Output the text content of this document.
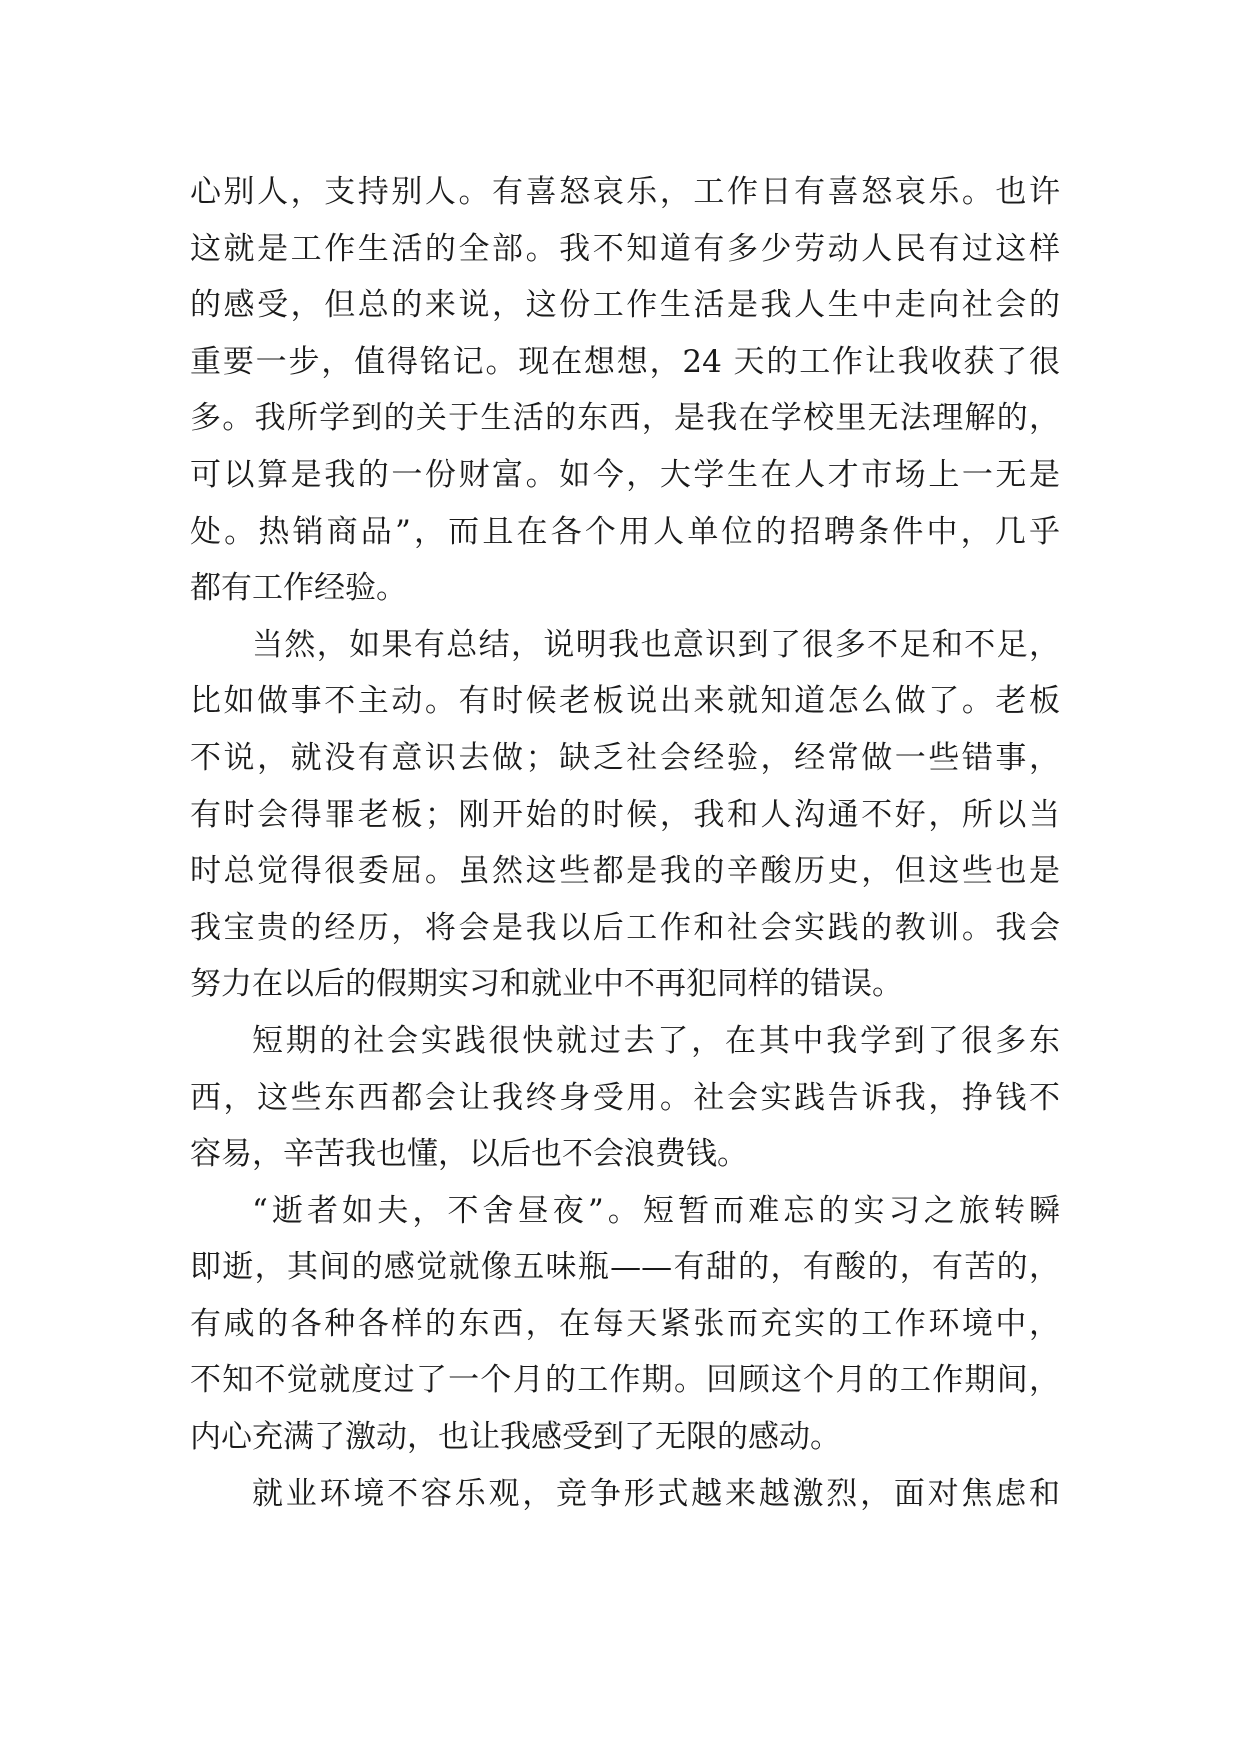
心别人，支持别人。有喜怒哀乐，工作日有喜怒哀乐。也许
这就是工作生活的全部。我不知道有多少劳动人民有过这样
的感受，但总的来说，这份工作生活是我人生中走向社会的
重要一步，值得铭记。现在想想，24 天的工作让我收获了很
多。我所学到的关于生活的东西，是我在学校里无法理解的，
可以算是我的一份财富。如今，大学生在人才市场上一无是
处。热销商品”，而且在各个用人单位的招聘条件中，几乎
都有工作经验。
当然，如果有总结，说明我也意识到了很多不足和不足，
比如做事不主动。有时候老板说出来就知道怎么做了。老板
不说，就没有意识去做；缺乏社会经验，经常做一些错事，
有时会得罪老板；刚开始的时候，我和人沟通不好，所以当
时总觉得很委屈。虽然这些都是我的辛酸历史，但这些也是
我宝贵的经历，将会是我以后工作和社会实践的教训。我会
努力在以后的假期实习和就业中不再犯同样的错误。
短期的社会实践很快就过去了，在其中我学到了很多东
西，这些东西都会让我终身受用。社会实践告诉我，挣钱不
容易，辛苦我也懂，以后也不会浪费钱。
“逝者如夫，不舍昼夜”。短暂而难忘的实习之旅转瞬
即逝，其间的感觉就像五味瓶——有甜的，有酸的，有苦的，
有咸的各种各样的东西，在每天紧张而充实的工作环境中，
不知不觉就度过了一个月的工作期。回顾这个月的工作期间，
内心充满了激动，也让我感受到了无限的感动。
就业环境不容乐观，竞争形式越来越激烈，面对焦虑和
